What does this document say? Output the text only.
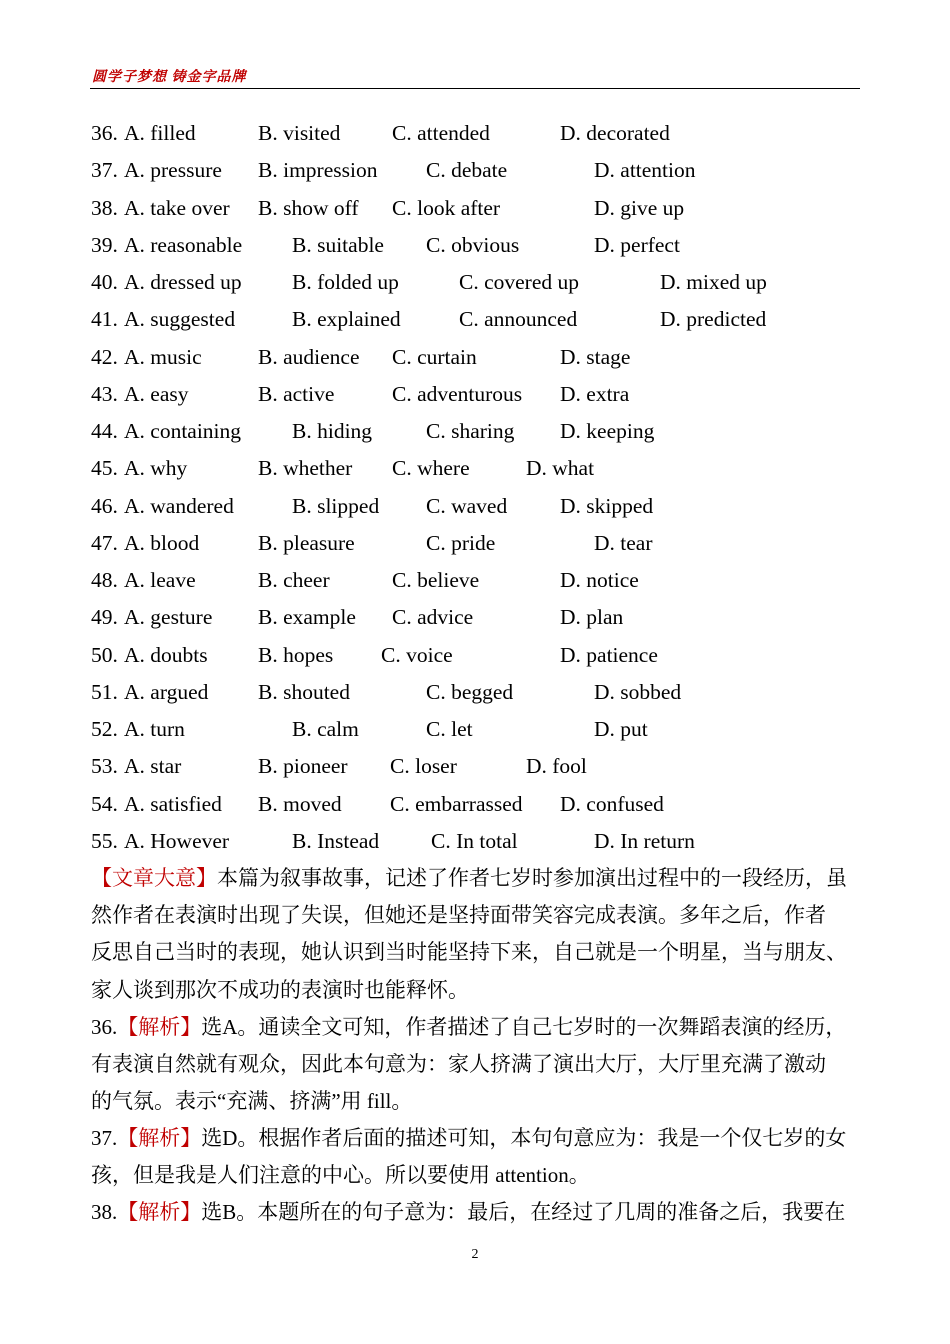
圆学子梦想 铸金字品牌
36. A. filled	B. visited C. attended	D. decorated
37. A. pressure B. impression C. debate	D. attention
38. A. take over B. show off C. look after	D. give up
39. A. reasonable B. suitable C. obvious	D. perfect
40. A. dressed up B. folded up	C. covered up	D. mixed up
41. A. suggested	B. explained	C. announced	D. predicted
42. A. music	B. audience C. curtain	D. stage
43. A. easy	B. active	C. adventurous D. extra
44. A. containing B. hiding	C. sharing D. keeping
45. A. why	B. whether C. where	D. what
46. A. wandered	B. slipped C. waved D. skipped
47. A. blood	B. pleasure	C. pride	D. tear
48. A. leave	B. cheer	C. believe	D. notice
49. A. gesture B. example C. advice	D. plan
50. A. doubts B. hopes C. voice	D. patience
51. A. argued B. shouted	C. begged	D. sobbed
52. A. turn	B. calm	C. let	D. put
53. A. star	B. pioneer C. loser	D. fool
54. A. satisfied B. moved C. embarrassed D. confused
55. A. However	B. Instead C. In total	D. In return
【文章大意】本篇为叙事故事，记述了作者七岁时参加演出过程中的一段经历，虽
然作者在表演时出现了失误，但她还是坚持面带笑容完成表演。多年之后，作者
反思自己当时的表现，她认识到当时能坚持下来，自己就是一个明星，当与朋友、
家人谈到那次不成功的表演时也能释怀。
36.【解析】选A。通读全文可知，作者描述了自己七岁时的一次舞蹈表演的经历，
有表演自然就有观众，因此本句意为：家人挤满了演出大厅，大厅里充满了激动
的气氛。表示“充满、挤满”用 fill。
37.【解析】选D。根据作者后面的描述可知，本句句意应为：我是一个仅七岁的女
孩，但是我是人们注意的中心。所以要使用 attention。
38.【解析】选B。本题所在的句子意为：最后，在经过了几周的准备之后，我要在
2
